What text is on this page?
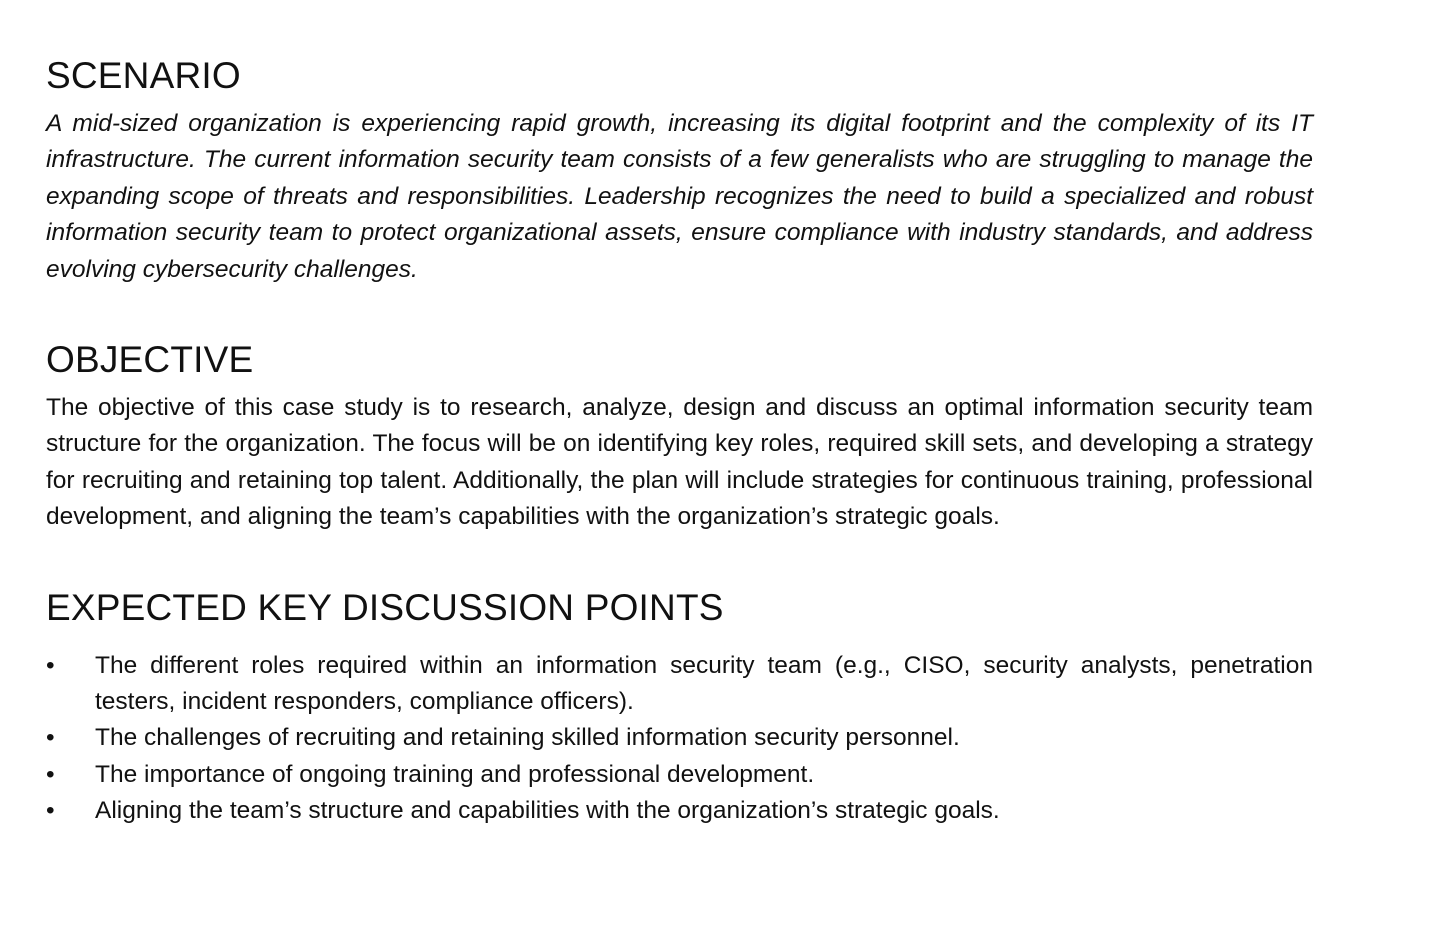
SCENARIO

A mid-sized organization is experiencing rapid growth, increasing its digital footprint and the complexity of its IT infrastructure. The current information security team consists of a few generalists who are struggling to manage the expanding scope of threats and responsibilities. Leadership recognizes the need to build a specialized and robust information security team to protect organizational assets, ensure compliance with industry standards, and address evolving cybersecurity challenges.

OBJECTIVE

The objective of this case study is to research, analyze, design and discuss an optimal information security team structure for the organization. The focus will be on identifying key roles, required skill sets, and developing a strategy for recruiting and retaining top talent. Additionally, the plan will include strategies for continuous training, professional development, and aligning the team’s capabilities with the organization’s strategic goals.

EXPECTED KEY DISCUSSION POINTS
• The different roles required within an information security team (e.g., CISO, security analysts, penetration testers, incident responders, compliance officers).
• The challenges of recruiting and retaining skilled information security personnel.
• The importance of ongoing training and professional development.
• Aligning the team’s structure and capabilities with the organization’s strategic goals.
